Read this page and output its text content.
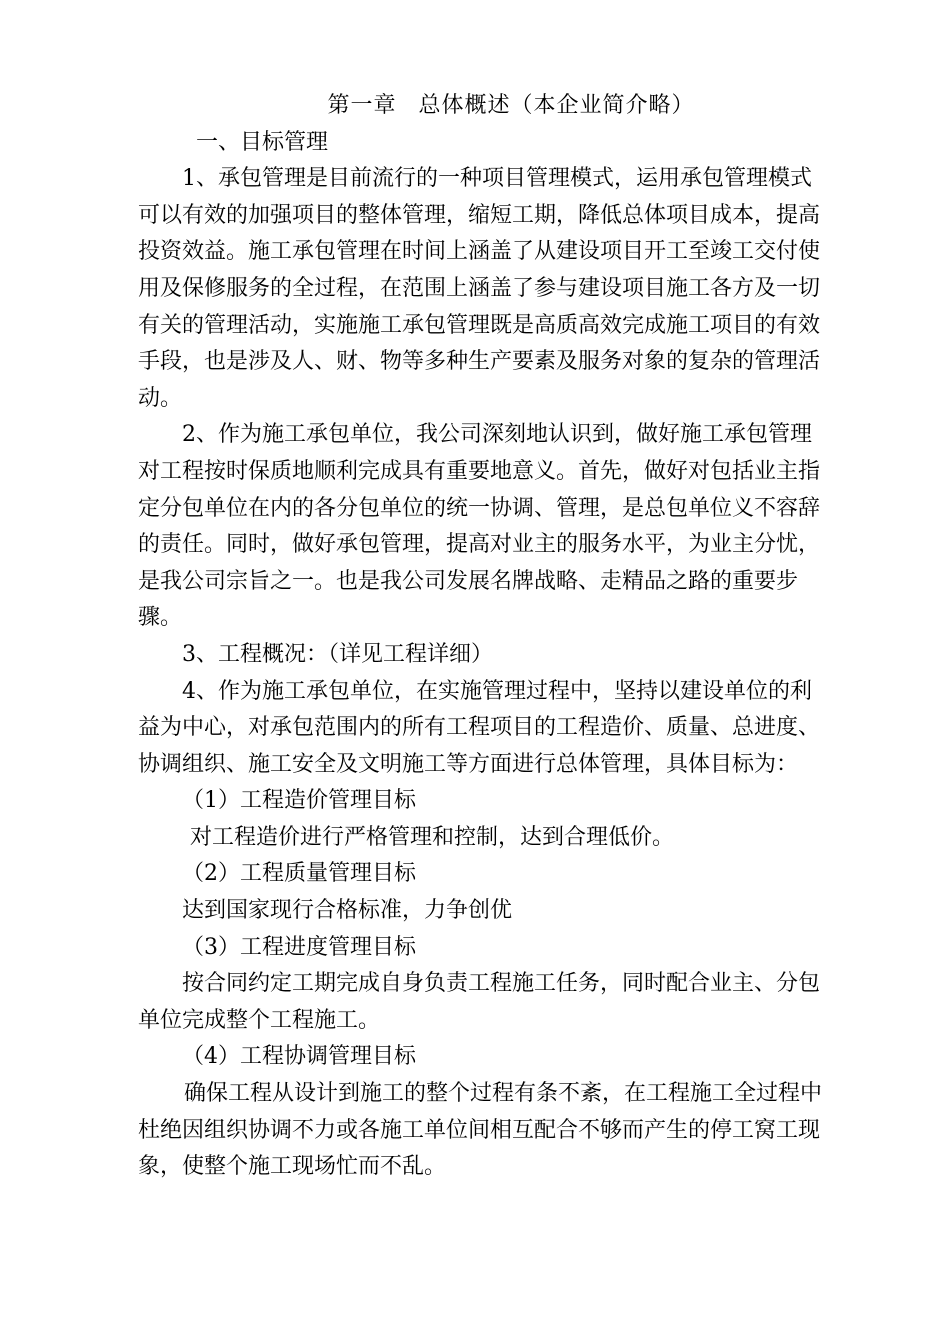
第一章 总体概述（本企业简介略）

一、目标管理

1、承包管理是目前流行的一种项目管理模式，运用承包管理模式可以有效的加强项目的整体管理，缩短工期，降低总体项目成本，提高投资效益。施工承包管理在时间上涵盖了从建设项目开工至竣工交付使用及保修服务的全过程，在范围上涵盖了参与建设项目施工各方及一切有关的管理活动，实施施工承包管理既是高质高效完成施工项目的有效手段，也是涉及人、财、物等多种生产要素及服务对象的复杂的管理活动。

2、作为施工承包单位，我公司深刻地认识到，做好施工承包管理对工程按时保质地顺利完成具有重要地意义。首先，做好对包括业主指定分包单位在内的各分包单位的统一协调、管理，是总包单位义不容辞的责任。同时，做好承包管理，提高对业主的服务水平，为业主分忧，是我公司宗旨之一。也是我公司发展名牌战略、走精品之路的重要步骤。

3、工程概况：（详见工程详细）

4、作为施工承包单位，在实施管理过程中，坚持以建设单位的利益为中心，对承包范围内的所有工程项目的工程造价、质量、总进度、协调组织、施工安全及文明施工等方面进行总体管理，具体目标为：

（1）工程造价管理目标

对工程造价进行严格管理和控制，达到合理低价。

（2）工程质量管理目标

达到国家现行合格标准，力争创优

（3）工程进度管理目标

按合同约定工期完成自身负责工程施工任务，同时配合业主、分包单位完成整个工程施工。

（4）工程协调管理目标

确保工程从设计到施工的整个过程有条不紊，在工程施工全过程中杜绝因组织协调不力或各施工单位间相互配合不够而产生的停工窝工现象，使整个施工现场忙而不乱。
